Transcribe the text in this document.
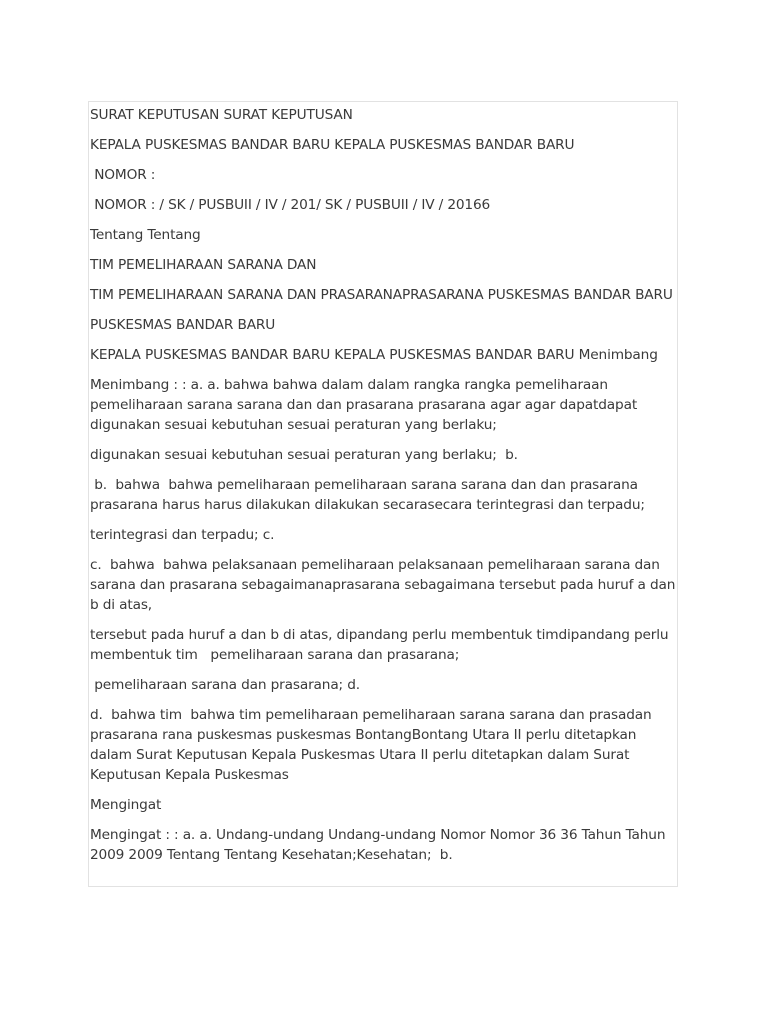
SURAT KEPUTUSAN SURAT KEPUTUSAN

KEPALA PUSKESMAS BANDAR BARU KEPALA PUSKESMAS BANDAR BARU

NOMOR :

NOMOR : / SK / PUSBUII / IV / 201/ SK / PUSBUII / IV / 20166

Tentang Tentang

TIM PEMELIHARAAN SARANA DAN

TIM PEMELIHARAAN SARANA DAN PRASARANAPRASARANA PUSKESMAS BANDAR BARU

PUSKESMAS BANDAR BARU

KEPALA PUSKESMAS BANDAR BARU KEPALA PUSKESMAS BANDAR BARU Menimbang

Menimbang : : a. a. bahwa bahwa dalam dalam rangka rangka pemeliharaan pemeliharaan sarana sarana dan dan prasarana prasarana agar agar dapatdapat digunakan sesuai kebutuhan sesuai peraturan yang berlaku;

digunakan sesuai kebutuhan sesuai peraturan yang berlaku;  b.

b.  bahwa  bahwa pemeliharaan pemeliharaan sarana sarana dan dan prasarana prasarana harus harus dilakukan dilakukan secarasecara terintegrasi dan terpadu;

terintegrasi dan terpadu; c.

c.  bahwa  bahwa pelaksanaan pemeliharaan pelaksanaan pemeliharaan sarana dan sarana dan prasarana sebagaimanaprasarana sebagaimana tersebut pada huruf a dan b di atas,

tersebut pada huruf a dan b di atas, dipandang perlu membentuk timdipandang perlu membentuk tim   pemeliharaan sarana dan prasarana;

pemeliharaan sarana dan prasarana; d.

d.  bahwa tim  bahwa tim pemeliharaan pemeliharaan sarana sarana dan prasadan prasarana rana puskesmas puskesmas BontangBontang Utara II perlu ditetapkan dalam Surat Keputusan Kepala Puskesmas Utara II perlu ditetapkan dalam Surat Keputusan Kepala Puskesmas

Mengingat

Mengingat : : a. a. Undang-undang Undang-undang Nomor Nomor 36 36 Tahun Tahun 2009 2009 Tentang Tentang Kesehatan;Kesehatan;  b.
